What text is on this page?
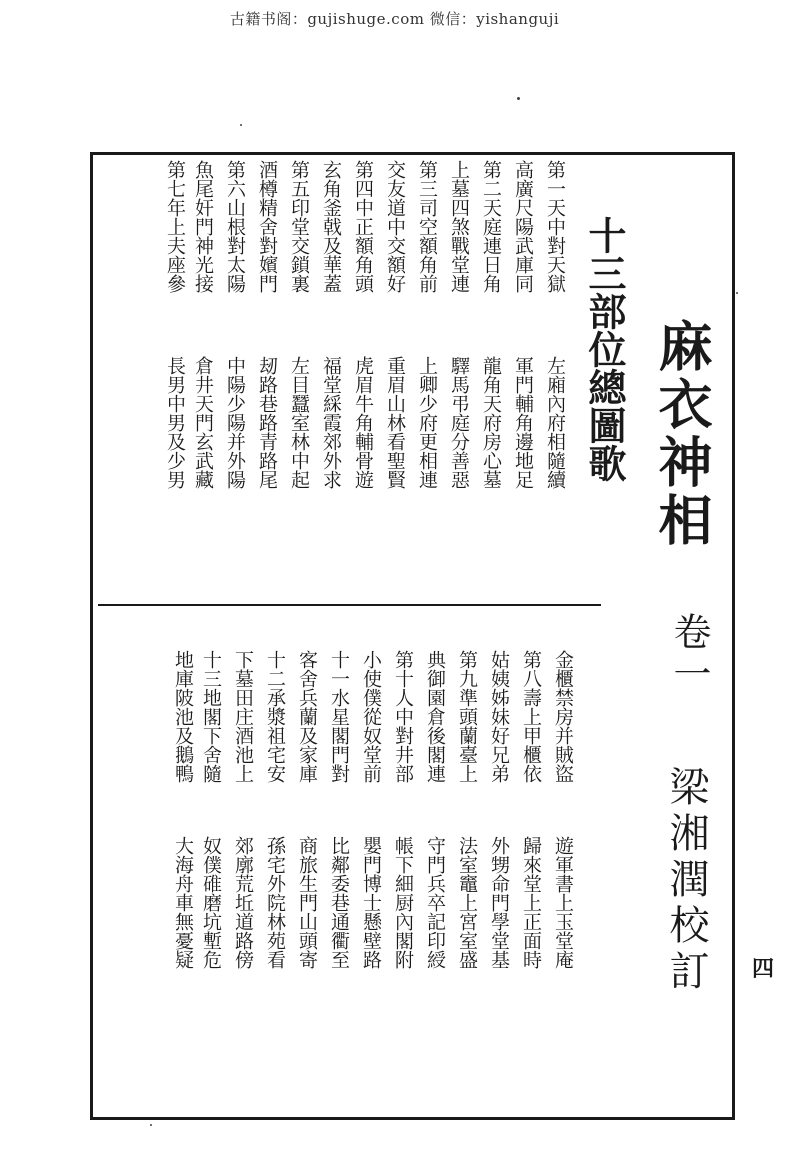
古籍书阁：gujishuge.com 微信：yishanguji
麻衣神相
十三部位總圖歌
卷一
梁湘潤校訂
第一天中對天獄
左廂內府相隨續
高廣尺陽武庫同
軍門輔角邊地足
第二天庭連日角
龍角天府房心墓
上墓四煞戰堂連
驛馬弔庭分善惡
第三司空額角前
上卿少府更相連
交友道中交額好
重眉山林看聖賢
第四中正額角頭
虎眉牛角輔骨遊
玄角釜戟及華蓋
福堂綵霞郊外求
第五印堂交鎖裏
左目蠶室林中起
酒樽精舍對嬪門
刼路巷路青路尾
第六山根對太陽
中陽少陽并外陽
魚尾奸門神光接
倉井天門玄武藏
第七年上夫座參
長男中男及少男
金櫃禁房并賊盜
遊軍書上玉堂庵
第八壽上甲櫃依
歸來堂上正面時
姑姨姊妹好兄弟
外甥命門學堂基
第九準頭蘭臺上
法室竈上宮室盛
典御園倉後閣連
守門兵卒記印綬
第十人中對井部
帳下細厨內閣附
小使僕從奴堂前
嬰門博士懸壁路
十一水星閣門對
比鄰委巷通衢至
客舍兵蘭及家庫
商旅生門山頭寄
十二承漿祖宅安
孫宅外院林苑看
下墓田庄酒池上
郊廓荒坵道路傍
十三地閣下舍隨
奴僕碓磨坑塹危
地庫陂池及鵝鴨
大海舟車無憂疑	四
